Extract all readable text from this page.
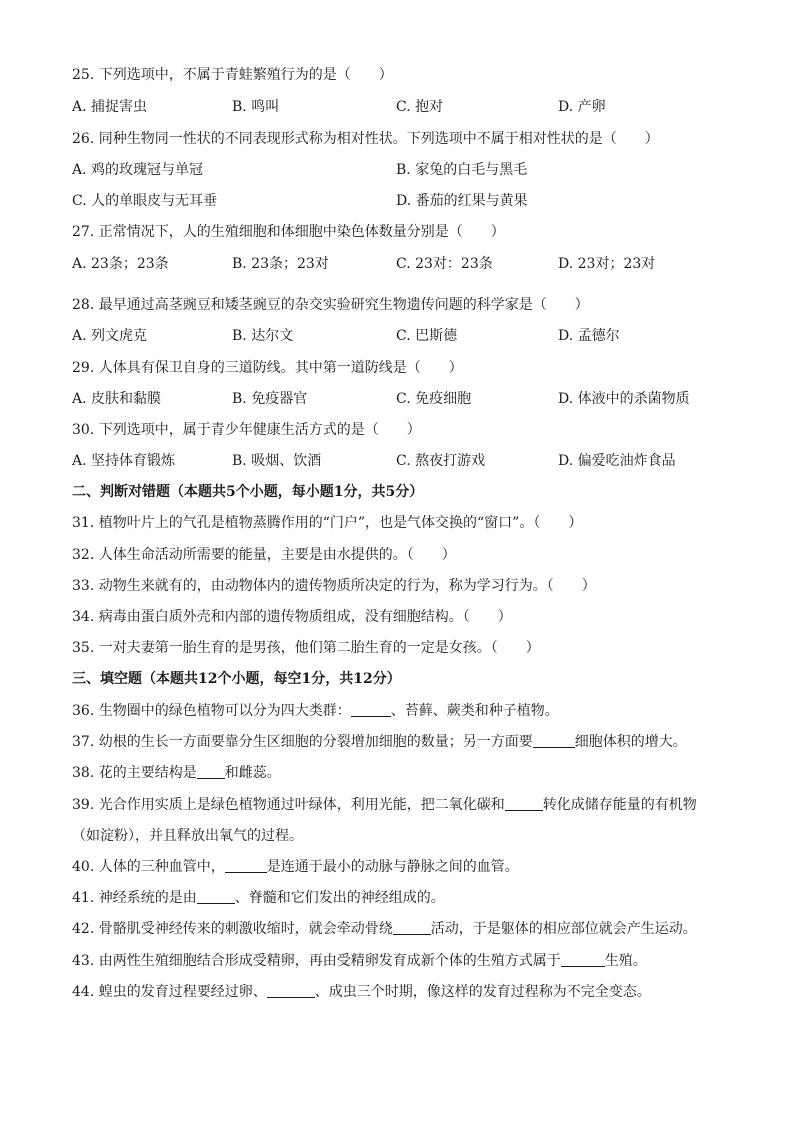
25. 下列选项中，不属于青蛙繁殖行为的是（　　）
A. 捕捉害虫	B. 鸣叫	C. 抱对	D. 产卵
26. 同种生物同一性状的不同表现形式称为相对性状。下列选项中不属于相对性状的是（　　）
A. 鸡的玫瑰冠与单冠	B. 家兔的白毛与黑毛
C. 人的单眼皮与无耳垂	D. 番茄的红果与黄果
27. 正常情况下，人的生殖细胞和体细胞中染色体数量分别是（　　）
A. 23条；23条	B. 23条；23对	C. 23对：23条	D. 23对；23对
28. 最早通过高茎豌豆和矮茎豌豆的杂交实验研究生物遗传问题的科学家是（　　）
A. 列文虎克	B. 达尔文	C. 巴斯德	D. 孟德尔
29. 人体具有保卫自身的三道防线。其中第一道防线是（　　）
A. 皮肤和黏膜	B. 免疫器官	C. 免疫细胞	D. 体液中的杀菌物质
30. 下列选项中，属于青少年健康生活方式的是（　　）
A. 坚持体育锻炼	B. 吸烟、饮酒	C. 熬夜打游戏	D. 偏爱吃油炸食品
二、判断对错题（本题共5个小题，每小题1分，共5分）
31. 植物叶片上的气孔是植物蒸腾作用的“门户”，也是气体交换的“窗口”。（　　）
32. 人体生命活动所需要的能量，主要是由水提供的。（　　）
33. 动物生来就有的，由动物体内的遗传物质所决定的行为，称为学习行为。（　　）
34. 病毒由蛋白质外壳和内部的遗传物质组成，没有细胞结构。（　　）
35. 一对夫妻第一胎生育的是男孩，他们第二胎生育的一定是女孩。（　　）
三、填空题（本题共12个小题，每空1分，共12分）
36. 生物圈中的绿色植物可以分为四大类群：	、苔藓、蕨类和种子植物。
37. 幼根的生长一方面要靠分生区细胞的分裂增加细胞的数量；另一方面要	细胞体积的增大。
38. 花的主要结构是 和雌蕊。
39. 光合作用实质上是绿色植物通过叶绿体，利用光能，把二氧化碳和	转化成储存能量的有机物
（如淀粉），并且释放出氧气的过程。
40. 人体的三种血管中，	是连通于最小的动脉与静脉之间的血管。
41. 神经系统的是由	、脊髓和它们发出的神经组成的。
42. 骨骼肌受神经传来的刺激收缩时，就会牵动骨绕	活动，于是躯体的相应部位就会产生运动。
43. 由两性生殖细胞结合形成受精卵，再由受精卵发育成新个体的生殖方式属于	生殖。
44. 蝗虫的发育过程要经过卵、	、成虫三个时期，像这样的发育过程称为不完全变态。
